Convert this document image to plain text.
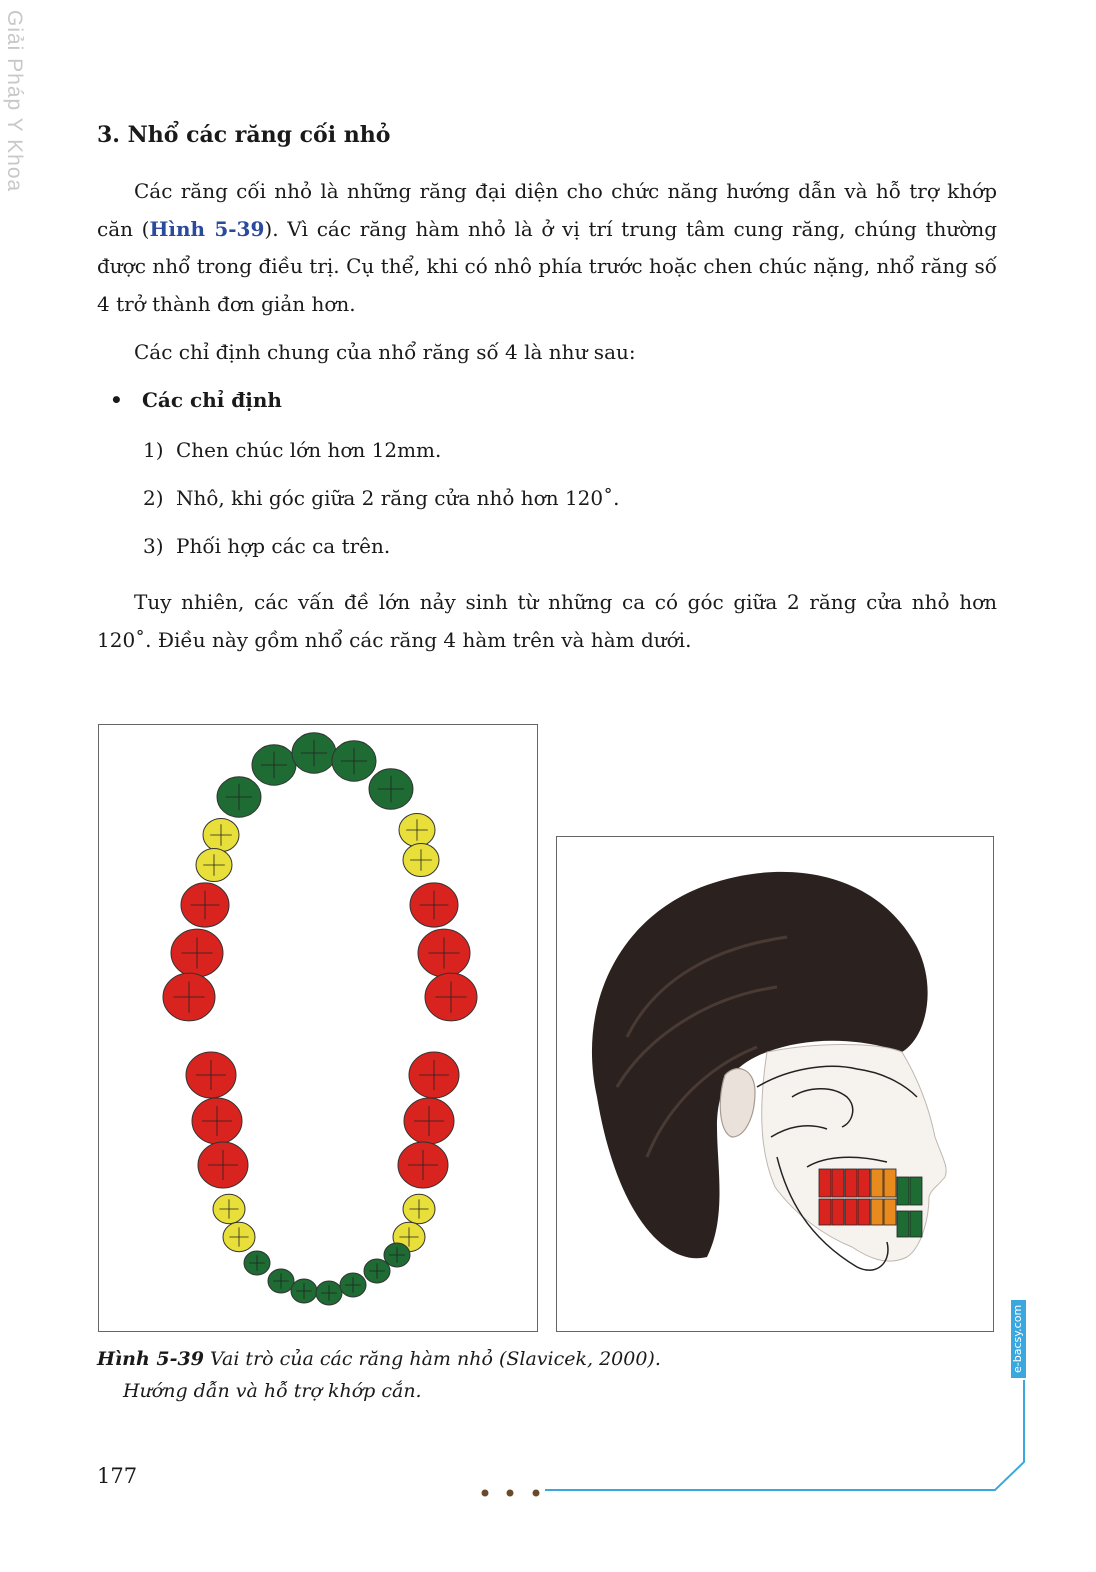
Giải Pháp Y Khoa	3. Nhổ các răng cối nhỏ

Các răng cối nhỏ là những răng đại diện cho chức năng hướng dẫn và hỗ trợ khớp căn (Hình 5-39). Vì các răng hàm nhỏ là ở vị trí trung tâm cung răng, chúng thường được nhổ trong điều trị. Cụ thể, khi có nhô phía trước hoặc chen chúc nặng, nhổ răng số 4 trở thành đơn giản hơn.

Các chỉ định chung của nhổ răng số 4 là như sau:

• Các chỉ định
1) Chen chúc lớn hơn 12mm.
2) Nhô, khi góc giữa 2 răng cửa nhỏ hơn 120˚.
3) Phối hợp các ca trên.

Tuy nhiên, các vấn đề lớn nảy sinh từ những ca có góc giữa 2 răng cửa nhỏ hơn 120˚. Điều này gồm nhổ các răng 4 hàm trên và hàm dưới.

Hình 5-39 Vai trò của các răng hàm nhỏ (Slavicek, 2000).
Hướng dẫn và hỗ trợ khớp cắn.
e-bacsy.com
177
